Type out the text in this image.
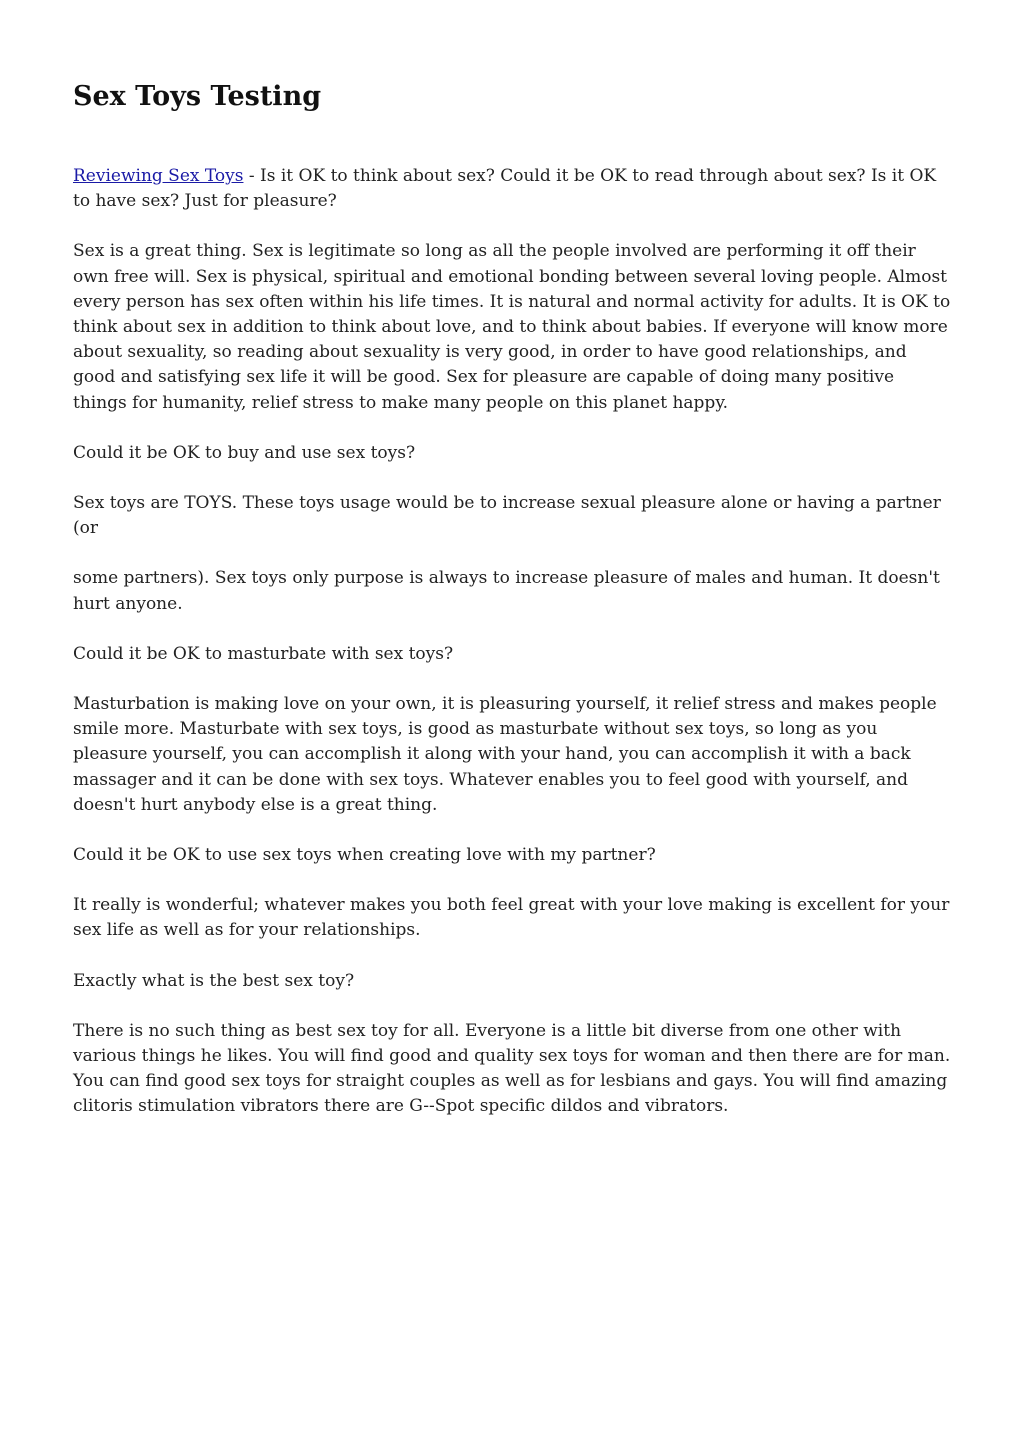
Sex Toys Testing

Reviewing Sex Toys - Is it OK to think about sex? Could it be OK to read through about sex? Is it OK to have sex? Just for pleasure?

Sex is a great thing. Sex is legitimate so long as all the people involved are performing it off their own free will. Sex is physical, spiritual and emotional bonding between several loving people. Almost every person has sex often within his life times. It is natural and normal activity for adults. It is OK to think about sex in addition to think about love, and to think about babies. If everyone will know more about sexuality, so reading about sexuality is very good, in order to have good relationships, and good and satisfying sex life it will be good. Sex for pleasure are capable of doing many positive things for humanity, relief stress to make many people on this planet happy.

Could it be OK to buy and use sex toys?

Sex toys are TOYS. These toys usage would be to increase sexual pleasure alone or having a partner (or

some partners). Sex toys only purpose is always to increase pleasure of males and human. It doesn't hurt anyone.

Could it be OK to masturbate with sex toys?

Masturbation is making love on your own, it is pleasuring yourself, it relief stress and makes people smile more. Masturbate with sex toys, is good as masturbate without sex toys, so long as you pleasure yourself, you can accomplish it along with your hand, you can accomplish it with a back massager and it can be done with sex toys. Whatever enables you to feel good with yourself, and doesn't hurt anybody else is a great thing.

Could it be OK to use sex toys when creating love with my partner?

It really is wonderful; whatever makes you both feel great with your love making is excellent for your sex life as well as for your relationships.

Exactly what is the best sex toy?

There is no such thing as best sex toy for all. Everyone is a little bit diverse from one other with various things he likes. You will find good and quality sex toys for woman and then there are for man. You can find good sex toys for straight couples as well as for lesbians and gays. You will find amazing clitoris stimulation vibrators there are G--Spot specific dildos and vibrators.
